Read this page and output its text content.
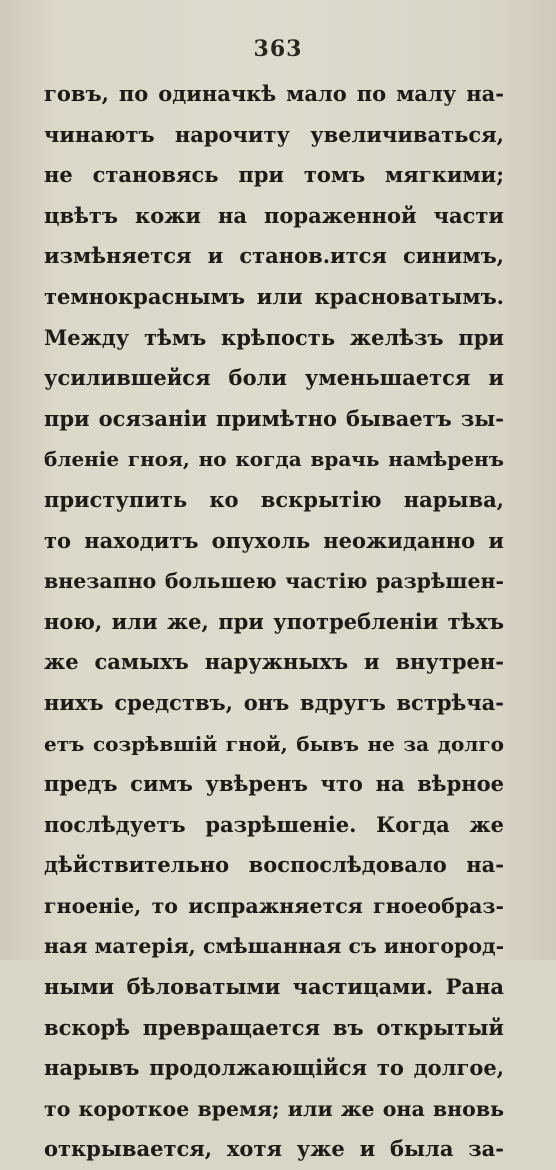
363
говъ, по одиначкѣ мало по малу на-
чинаютъ нарочиту увеличиваться,
не становясь при томъ мягкими;
цвѣтъ кожи на пораженной части
измѣняется и станов.ится синимъ,
темнокраснымъ или красноватымъ.
Между тѣмъ крѣпость желѣзъ при
усилившейся боли уменьшается и
при осязаніи примѣтно бываетъ зы-
бленіе гноя, но когда врачь намѣренъ
приступить ко вскрытію нарыва,
то находитъ опухоль неожиданно и
внезапно большею частію разрѣшен-
ною, или же, при употребленіи тѣхъ
же самыхъ наружныхъ и внутрен-
нихъ средствъ, онъ вдругъ встрѣча-
етъ созрѣвшій гной, бывъ не за долго
предъ симъ увѣренъ что на вѣрное
послѣдуетъ разрѣшеніе. Когда же
дѣйствительно воспослѣдовало на-
гноеніе, то испражняется гноеобраз-
ная матерія, смѣшанная съ иногород-
ными бѣловатыми частицами. Рана
вскорѣ превращается въ открытый
нарывъ продолжающійся то долгое,
то короткое время; или же она вновь
открывается, хотя уже и была за-
